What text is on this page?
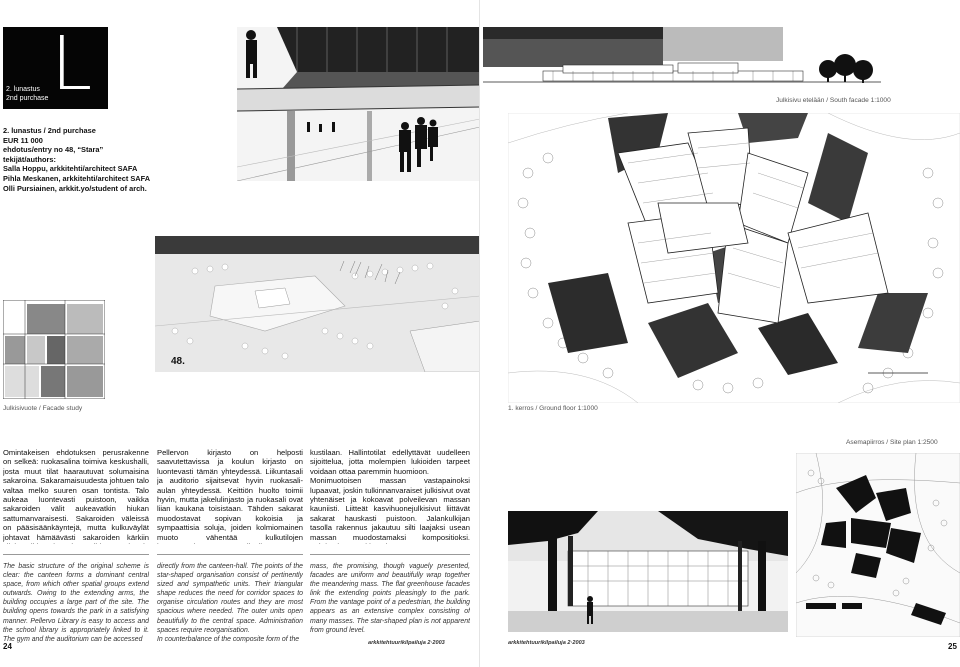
L
2. lunastus
2nd purchase
2. lunastus / 2nd purchase
EUR 11 000
ehdotus/entry no 48, “Stara”
tekijät/authors:
Salla Hoppu, arkkitehti/architect SAFA
Pihla Meskanen, arkkitehti/architect SAFA
Olli Pursiainen, arkkit.yo/student of arch.
48.
Julkisivuote / Facade study
Omintakeisen ehdotuksen perusrakenne on selkeä: ruokasalina toimiva keskushalli, josta muut tilat haarautuvat solumaisina sakaroina. Sakaramaisuudesta johtuen talo valtaa melko suuren osan tontista. Talo aukeaa luontevasti puistoon, vaikka sakaroiden välit aukeavatkin hiukan sattumanvaraisesti. Sakaroiden väleissä on pääsisäänkäyntejä, mutta kulkuväylät johtavat hämäävästi sakaroiden kärkiin
Pellervon kirjasto on helposti saavutettavissa ja koulun kirjasto on luontevasti tämän yhteydessä. Liikuntasali ja auditorio sijaitsevat hyvin ruokasali-aulan yhteydessä. Keittiön huolto toimii hyvin, mutta jakelulinjasto ja ruokasali ovat liian kaukana toisistaan. Tähden sakarat muodostavat sopivan kokoisia ja sympaattisia soluja, joiden kolmiomainen muoto vähentää kulkutilojen
kustilaan. Hallintotilat edellyttävät uudelleen sijoittelua, jotta molempien lukioiden tarpeet voidaan ottaa paremmin huomioon.
Monimuotoisen massan vastapainoksi lupaavat, joskin tulkinnanvaraiset julkisivut ovat yhtenäiset ja kokoavat polveilevan massan kauniisti. Liitteät kasvihuonejulkisivut liittävät sakarat hauskasti puistoon. Jalankulkijan tasolla rakennus jakautuu silti laajaksi usean massan muodostamaksi kompositioksi.
The basic structure of the original scheme is clear: the canteen forms a dominant central space, from which other spatial groups extend outwards. Owing to the extending arms, the building occupies a large part of the site. The building opens towards the park in a satisfying manner. Pellervo Library is easy to access and the school library is appropriately linked to it. The gym and the auditorium can be accessed
directly from the canteen-hall. The points of the star-shaped organisation consist of pertinently sized and sympathetic units. Their triangular shape reduces the need for corridor spaces to organise circulation routes and they are most spacious where needed. The outer units open beautifully to the central space. Administration spaces require reorganisation.
In counterbalance of the composite form of the
24	arkkitehtuurikilpailuja 2·2003
Julkisivu etelään / South facade 1:1000
1. kerros / Ground floor 1:1000
Asemapiirros / Site plan 1:2500
25
arkkitehtuurikilpailuja 2·2003
mass, the promising, though vaguely presented, facades are uniform and beautifully wrap together the meandering mass. The flat greenhouse facades link the extending points pleasingly to the park. From the vantage point of a pedestrian, the building appears as an extensive complex consisting of many masses. The star-shaped plan is not apparent from ground level.
